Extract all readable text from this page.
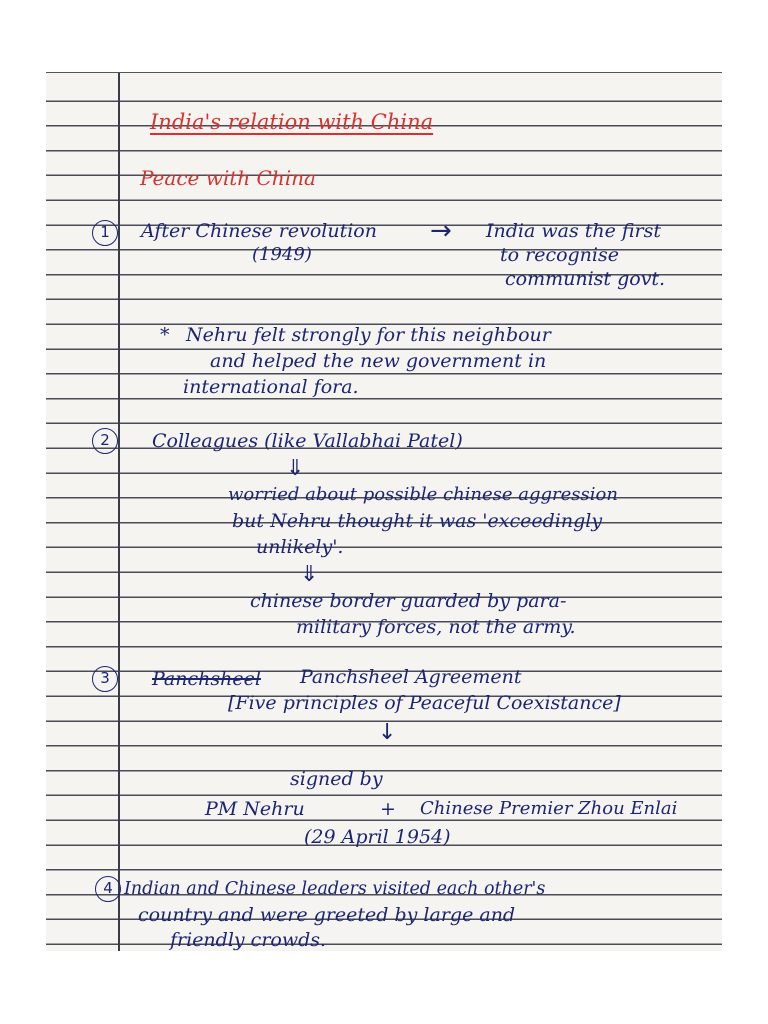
India's relation with China
Peace with China
1	After Chinese revolution → India was the first
(1949)	to recognise
communist govt.
* Nehru felt strongly for this neighbour
and helped the new government in
international fora.
2	Colleagues (like Vallabhai Patel)
⇓
worried about possible chinese aggression
but Nehru thought it was 'exceedingly
unlikely'.
⇓
chinese border guarded by para-
military forces, not the army.
3	Panchsheel Panchsheel Agreement
[Five principles of Peaceful Coexistance]
↓
signed by
PM Nehru	+ Chinese Premier Zhou Enlai
(29 April 1954)
4 Indian and Chinese leaders visited each other's
country and were greeted by large and
friendly crowds.
